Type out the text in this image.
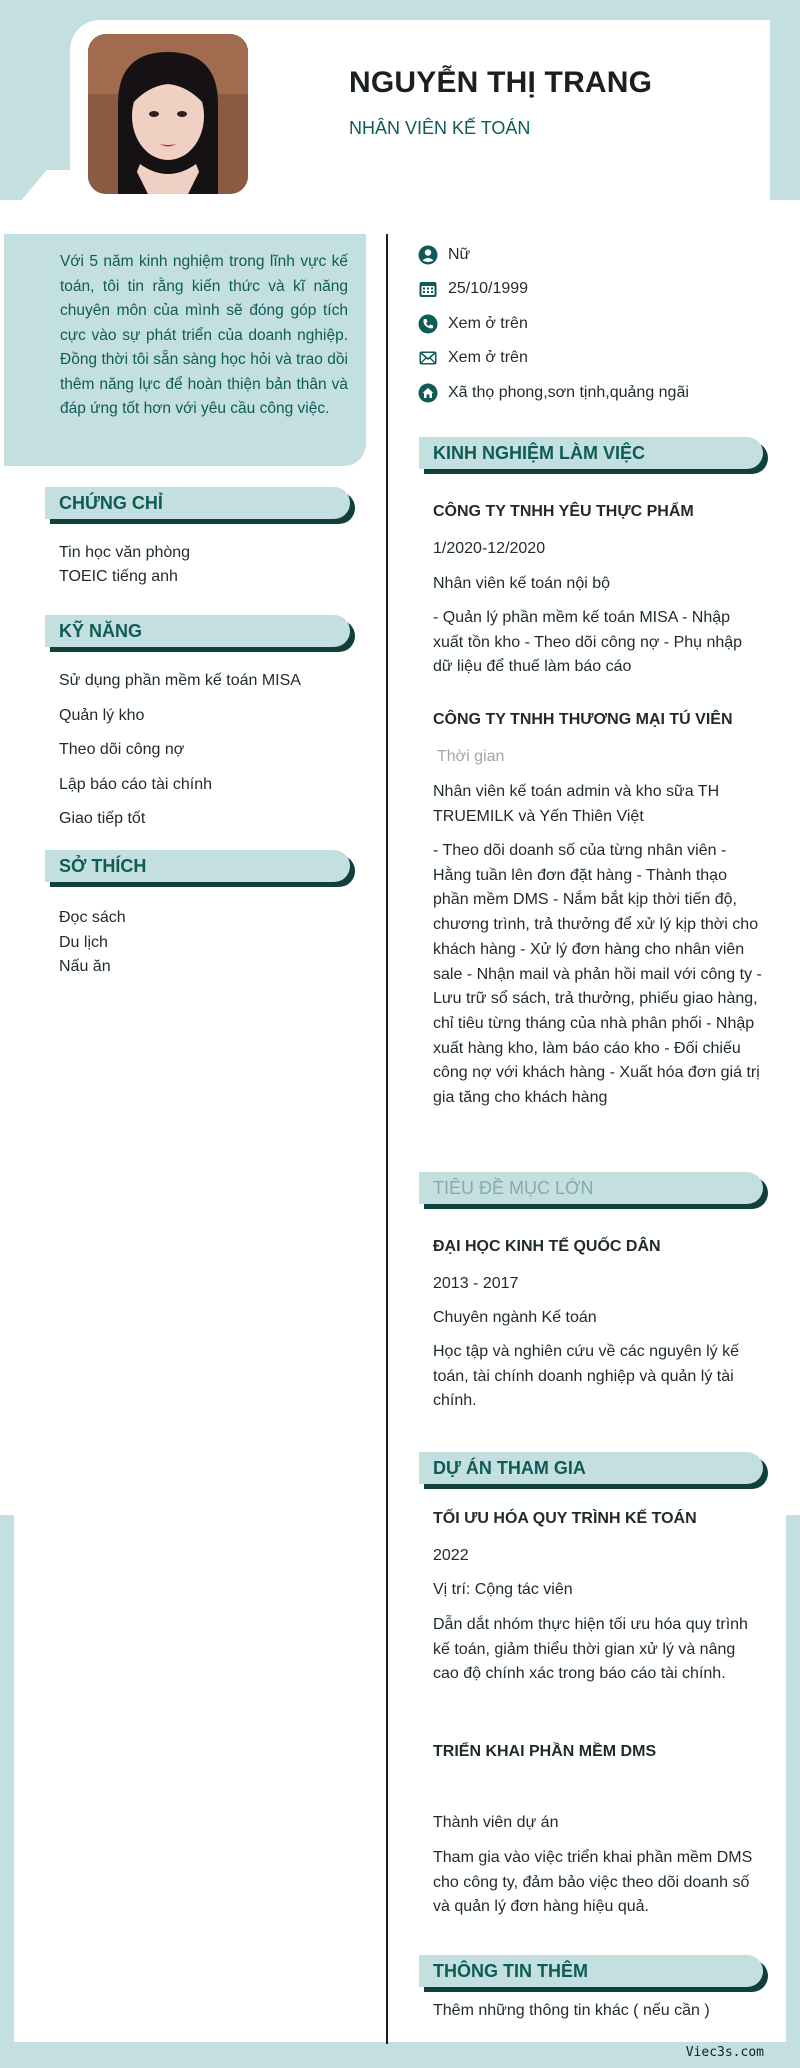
NGUYỄN THỊ TRANG
NHÂN VIÊN KẾ TOÁN

Với 5 năm kinh nghiệm trong lĩnh vực kế toán, tôi tin rằng kiến thức và kĩ năng chuyên môn của mình sẽ đóng góp tích cực vào sự phát triển của doanh nghiệp. Đồng thời tôi sẵn sàng học hỏi và trao dồi thêm năng lực để hoàn thiện bản thân và đáp ứng tốt hơn với yêu cầu công việc.

CHỨNG CHỈ
Tin học văn phòng
TOEIC tiếng anh
KỸ NĂNG
Sử dụng phần mềm kế toán MISA
Quản lý kho
Theo dõi công nợ
Lập báo cáo tài chính
Giao tiếp tốt
SỞ THÍCH
Đọc sách
Du lịch
Nấu ăn
Nữ
25/10/1999
Xem ở trên
Xem ở trên
Xã thọ phong,sơn tịnh,quảng ngãi
KINH NGHIỆM LÀM VIỆC
CÔNG TY TNHH YÊU THỰC PHẨM
1/2020-12/2020
Nhân viên kế toán nội bộ
- Quản lý phần mềm kế toán MISA - Nhập xuất tồn kho - Theo dõi công nợ - Phụ nhập dữ liệu để thuế làm báo cáo
CÔNG TY TNHH THƯƠNG MẠI TÚ VIÊN
Thời gian
Nhân viên kế toán admin và kho sữa TH TRUEMILK và Yến Thiên Việt
- Theo dõi doanh số của từng nhân viên - Hằng tuần lên đơn đặt hàng - Thành thạo phần mềm DMS - Nắm bắt kịp thời tiến độ, chương trình, trả thưởng để xử lý kịp thời cho khách hàng - Xử lý đơn hàng cho nhân viên sale - Nhận mail và phản hồi mail với công ty - Lưu trữ sổ sách, trả thưởng, phiếu giao hàng, chỉ tiêu từng tháng của nhà phân phối - Nhập xuất hàng kho, làm báo cáo kho - Đối chiếu công nợ với khách hàng - Xuất hóa đơn giá trị gia tăng cho khách hàng
TIÊU ĐỀ MỤC LỚN
ĐẠI HỌC KINH TẾ QUỐC DÂN
2013 - 2017
Chuyên ngành Kế toán
Học tập và nghiên cứu về các nguyên lý kế toán, tài chính doanh nghiệp và quản lý tài chính.
DỰ ÁN THAM GIA
TỐI ƯU HÓA QUY TRÌNH KẾ TOÁN
2022
Vị trí: Cộng tác viên
Dẫn dắt nhóm thực hiện tối ưu hóa quy trình kế toán, giảm thiểu thời gian xử lý và nâng cao độ chính xác trong báo cáo tài chính.
TRIỂN KHAI PHẦN MỀM DMS
Thành viên dự án
Tham gia vào việc triển khai phần mềm DMS cho công ty, đảm bảo việc theo dõi doanh số và quản lý đơn hàng hiệu quả.
THÔNG TIN THÊM
Thêm những thông tin khác ( nếu cần )
Viec3s.com
